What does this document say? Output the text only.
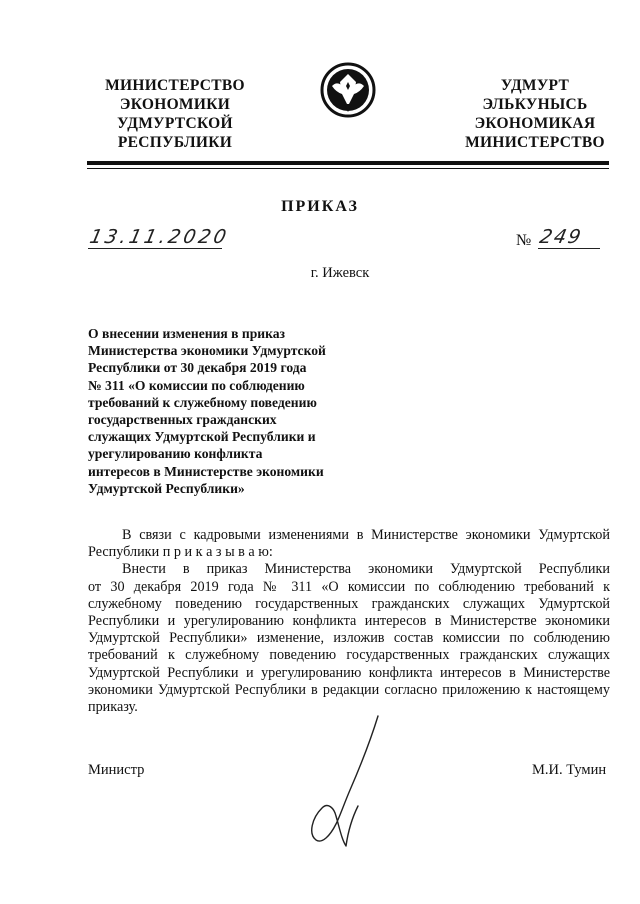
МИНИСТЕРСТВО
ЭКОНОМИКИ
УДМУРТСКОЙ
РЕСПУБЛИКИ
УДМУРТ
ЭЛЬКУНЫСЬ
ЭКОНОМИКАЯ
МИНИСТЕРСТВО
ПРИКАЗ
13.11.2020	№ 249
г. Ижевск
О внесении изменения в приказ
Министерства экономики Удмуртской
Республики от 30 декабря 2019 года
№ 311 «О комиссии по соблюдению
требований к служебному поведению
государственных гражданских
служащих Удмуртской Республики и
урегулированию конфликта
интересов в Министерстве экономики
Удмуртской Республики»
В связи с кадровыми изменениями в Министерстве экономики Удмуртской
Республики п р и к а з ы в а ю:
Внести в приказ Министерства экономики Удмуртской Республики
от 30 декабря 2019 года № 311 «О комиссии по соблюдению требований к
служебному поведению государственных гражданских служащих Удмуртской
Республики и урегулированию конфликта интересов в Министерстве экономики
Удмуртской Республики» изменение, изложив состав комиссии по соблюдению
требований к служебному поведению государственных гражданских служащих
Удмуртской Республики и урегулированию конфликта интересов в Министерстве
экономики Удмуртской Республики в редакции согласно приложению к настоящему
приказу.
Министр	М.И. Тумин
